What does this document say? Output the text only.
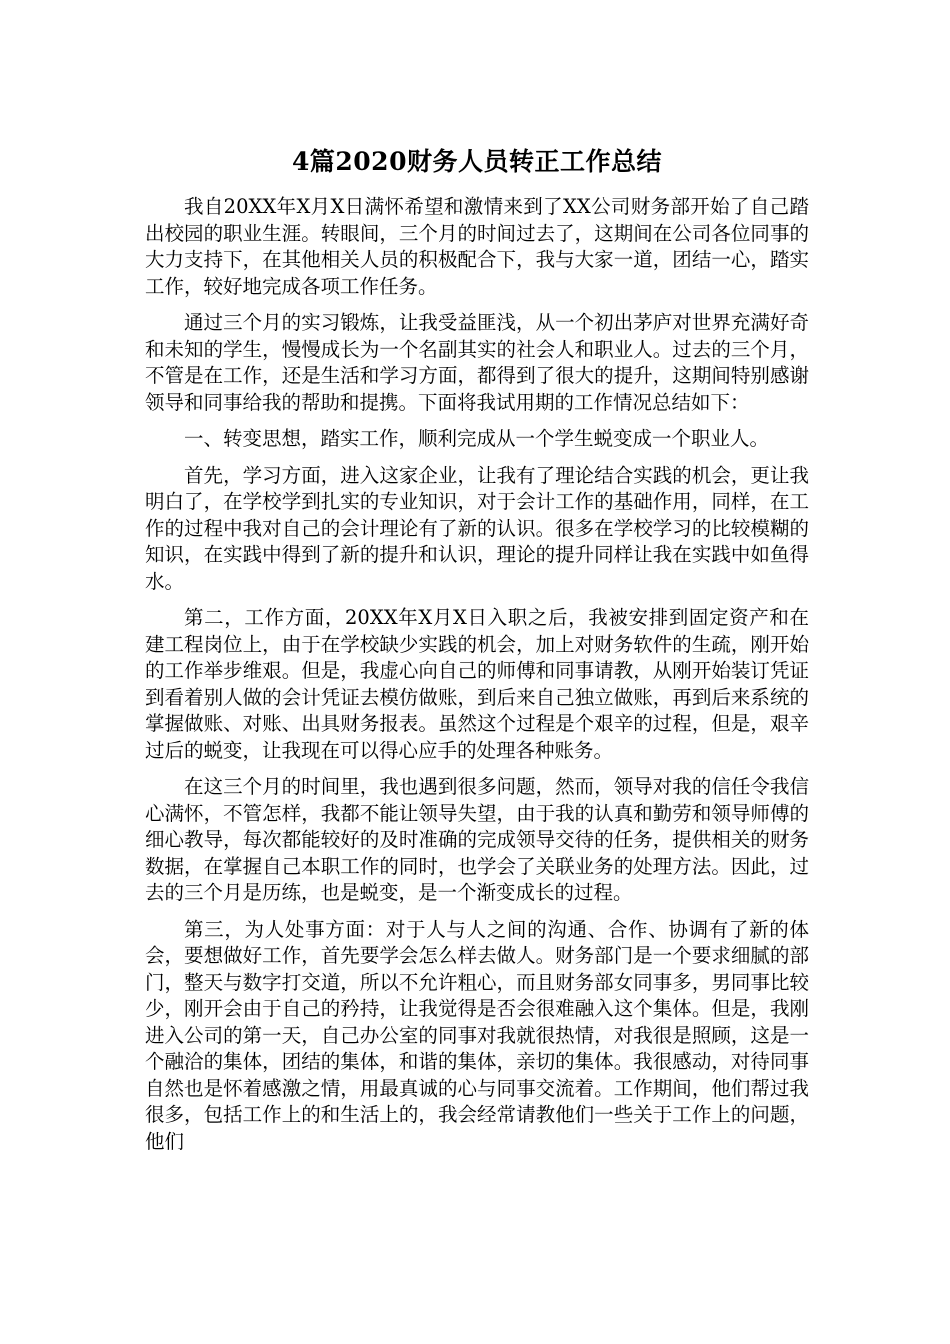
4篇2020财务人员转正工作总结

我自20XX年X月X日满怀希望和激情来到了XX公司财务部开始了自己踏出校园的职业生涯。转眼间，三个月的时间过去了，这期间在公司各位同事的大力支持下，在其他相关人员的积极配合下，我与大家一道，团结一心，踏实工作，较好地完成各项工作任务。

通过三个月的实习锻炼，让我受益匪浅，从一个初出茅庐对世界充满好奇和未知的学生，慢慢成长为一个名副其实的社会人和职业人。过去的三个月，不管是在工作，还是生活和学习方面，都得到了很大的提升，这期间特别感谢领导和同事给我的帮助和提携。下面将我试用期的工作情况总结如下：

一、转变思想，踏实工作，顺利完成从一个学生蜕变成一个职业人。

首先，学习方面，进入这家企业，让我有了理论结合实践的机会，更让我明白了，在学校学到扎实的专业知识，对于会计工作的基础作用，同样，在工作的过程中我对自己的会计理论有了新的认识。很多在学校学习的比较模糊的知识，在实践中得到了新的提升和认识，理论的提升同样让我在实践中如鱼得水。

第二，工作方面，20XX年X月X日入职之后，我被安排到固定资产和在建工程岗位上，由于在学校缺少实践的机会，加上对财务软件的生疏，刚开始的工作举步维艰。但是，我虚心向自己的师傅和同事请教，从刚开始装订凭证到看着别人做的会计凭证去模仿做账，到后来自己独立做账，再到后来系统的掌握做账、对账、出具财务报表。虽然这个过程是个艰辛的过程，但是，艰辛过后的蜕变，让我现在可以得心应手的处理各种账务。

在这三个月的时间里，我也遇到很多问题，然而，领导对我的信任令我信心满怀，不管怎样，我都不能让领导失望，由于我的认真和勤劳和领导师傅的细心教导，每次都能较好的及时准确的完成领导交待的任务，提供相关的财务数据，在掌握自己本职工作的同时，也学会了关联业务的处理方法。因此，过去的三个月是历练，也是蜕变，是一个渐变成长的过程。

第三，为人处事方面：对于人与人之间的沟通、合作、协调有了新的体会，要想做好工作，首先要学会怎么样去做人。财务部门是一个要求细腻的部门，整天与数字打交道，所以不允许粗心，而且财务部女同事多，男同事比较少，刚开会由于自己的矜持，让我觉得是否会很难融入这个集体。但是，我刚进入公司的第一天，自己办公室的同事对我就很热情，对我很是照顾，这是一个融洽的集体，团结的集体，和谐的集体，亲切的集体。我很感动，对待同事自然也是怀着感激之情，用最真诚的心与同事交流着。工作期间，他们帮过我很多，包括工作上的和生活上的，我会经常请教他们一些关于工作上的问题，他们
